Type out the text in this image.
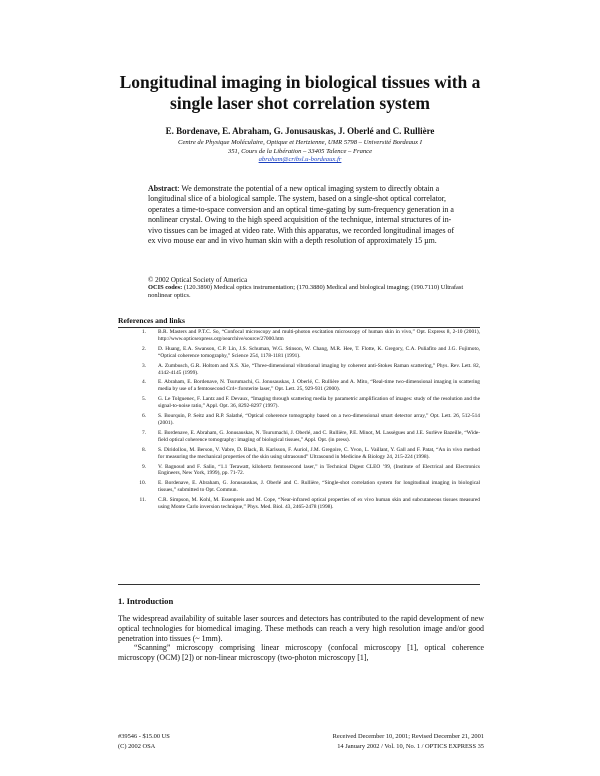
Longitudinal imaging in biological tissues with a
single laser shot correlation system
E. Bordenave, E. Abraham, G. Jonusauskas, J. Oberlé and C. Rullière
Centre de Physique Moléculaire, Optique et Hertzienne, UMR 5798 – Université Bordeaux I
351, Cours de la Libération – 33405 Talence – France
abraham@cribsl.u-bordeaux.fr
Abstract: We demonstrate the potential of a new optical imaging system to directly obtain a longitudinal slice of a biological sample. The system, based on a single-shot optical correlator, operates a time-to-space conversion and an optical time-gating by sum-frequency generation in a nonlinear crystal. Owing to the high speed acquisition of the technique, internal structures of in-vivo tissues can be imaged at video rate. With this apparatus, we recorded longitudinal images of ex vivo mouse ear and in vivo human skin with a depth resolution of approximately 15 µm.
© 2002 Optical Society of America
OCIS codes: (120.3890) Medical optics instrumentation; (170.3880) Medical and biological imaging; (190.7110) Ultrafast nonlinear optics.
References and links
1.	B.R. Masters and P.T.C. So, “Confocal microscopy and multi-photon excitation microscopy of human skin in vivo,” Opt. Express 8, 2-10 (2001), http://www.opticsexpress.org/oearchive/source/27000.htm
2.	D. Huang, E.A. Swanson, C.P. Lin, J.S. Schuman, W.G. Stinson, W. Chang, M.R. Hee, T. Flotte, K. Gregory, C.A. Puliafito and J.G. Fujimoto, “Optical coherence tomography,” Science 254, 1178-1181 (1991).
3.	A. Zumbusch, G.R. Holtom and X.S. Xie, “Three-dimensional vibrational imaging by coherent anti-Stokes Raman scattering,” Phys. Rev. Lett. 82, 4142-4145 (1999).
4.	E. Abraham, E. Bordenave, N. Tsurumachi, G. Jonusauskas, J. Oberlé, C. Rullière and A. Mito, “Real-time two-dimensional imaging in scattering media by use of a femtosecond Cr4+:forsterite laser,” Opt. Lett. 25, 929-931 (2000).
5.	G. Le Tolguenec, F. Lantz and F. Devaux, “Imaging through scattering media by parametric amplification of images: study of the resolution and the signal-to-noise ratio,” Appl. Opt. 36, 8292-8297 (1997).
6.	S. Bourquin, P. Seitz and R.P. Salathé, “Optical coherence tomography based on a two-dimensional smart detector array,” Opt. Lett. 26, 512-514 (2001).
7.	E. Bordenave, E. Abraham, G. Jonusauskas, N. Tsurumachi, J. Oberlé, and C. Rullière, P.E. Minot, M. Lassègues and J.E. Surlève Bazeille, “Wide-field optical coherence tomography: imaging of biological tissues,” Appl. Opt. (in press).
8.	S. Diridollou, M. Berson, V. Vabre, D. Black, B. Karlsson, F. Auriol, J.M. Gregoire, C. Yvon, L. Vaillant, Y. Gall and F. Patat, “An in vivo method for measuring the mechanical properties of the skin using ultrasound” Ultrasound in Medicine & Biology 24, 215-224 (1998).
9.	V. Bagnoud and F. Salin, “1.1 Terawatt, kilohertz femtosecond laser,” in Technical Digest CLEO ’99, (Institute of Electrical and Electronics Engineers, New York, 1999), pp. 71-72.
10.	E. Bordenave, E. Abraham, G. Jonusauskas, J. Oberlé and C. Rullière, “Single-shot correlation system for longitudinal imaging in biological tissues,” submitted to Opt. Commun.
11.	C.R. Simpson, M. Kohl, M. Essenpreis and M. Cope, “Near-infrared optical properties of ex vivo human skin and subcutaneous tissues measured using Monte Carlo inversion technique,” Phys. Med. Biol. 43, 2465-2478 (1998).
1. Introduction

The widespread availability of suitable laser sources and detectors has contributed to the rapid development of new optical technologies for biomedical imaging. These methods can reach a very high resolution image and/or good penetration into tissues (~ 1mm).

“Scanning” microscopy comprising linear microscopy (confocal microscopy [1], optical coherence microscopy (OCM) [2]) or non-linear microscopy (two-photon microscopy [1],

#39546 - $15.00 US	Received December 10, 2001; Revised December 21, 2001
(C) 2002 OSA	14 January 2002 / Vol. 10, No. 1 / OPTICS EXPRESS 35
